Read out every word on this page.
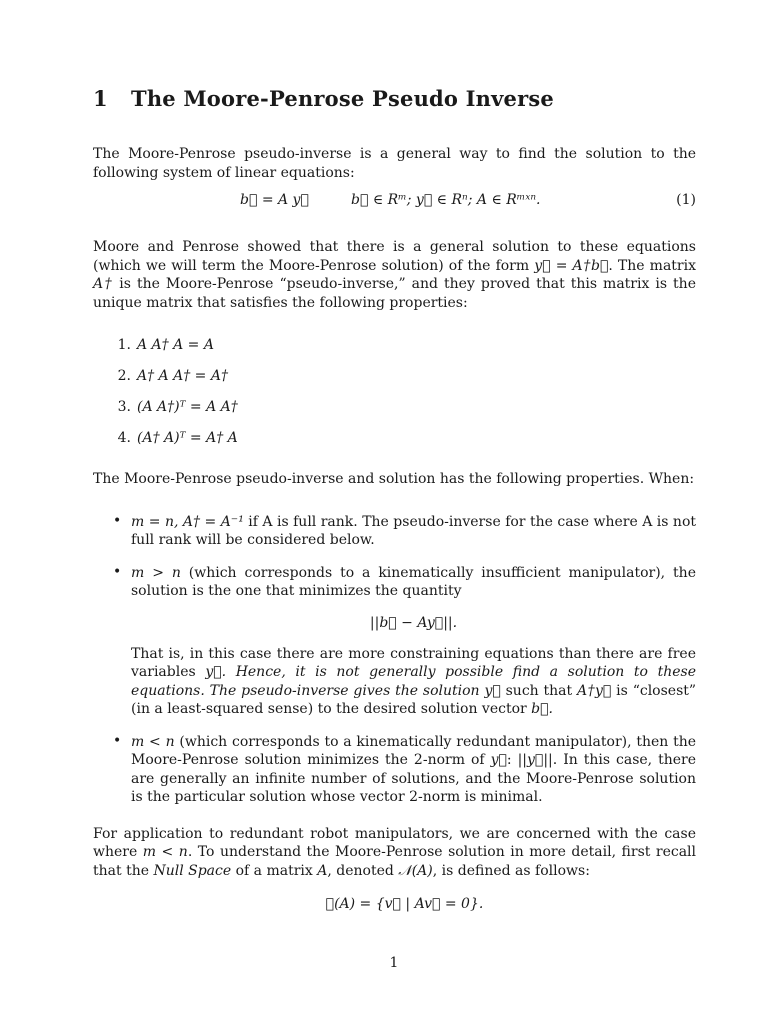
1 The Moore-Penrose Pseudo Inverse

The Moore-Penrose pseudo-inverse is a general way to find the solution to the following system of linear equations:

b⃗ = A y⃗	b⃗ ∈ Rᵐ; y⃗ ∈ Rⁿ; A ∈ Rᵐˣⁿ.	(1)

Moore and Penrose showed that there is a general solution to these equations (which we will term the Moore-Penrose solution) of the form y⃗ = A†b⃗. The matrix A† is the Moore-Penrose “pseudo-inverse,” and they proved that this matrix is the unique matrix that satisfies the following properties:

1. A A† A = A
2. A† A A† = A†
3. (A A†)ᵀ = A A†
4. (A† A)ᵀ = A† A

The Moore-Penrose pseudo-inverse and solution has the following properties. When:

• m = n, A† = A⁻¹ if A is full rank. The pseudo-inverse for the case where A is not full rank will be considered below.

• m > n (which corresponds to a kinematically insufficient manipulator), the solution is the one that minimizes the quantity

||b⃗ − Ay⃗||.

That is, in this case there are more constraining equations than there are free variables y⃗. Hence, it is not generally possible find a solution to these equations. The pseudo-inverse gives the solution y⃗ such that A†y⃗ is “closest” (in a least-squared sense) to the desired solution vector b⃗.

• m < n (which corresponds to a kinematically redundant manipulator), then the Moore-Penrose solution minimizes the 2-norm of y⃗: ||y⃗||. In this case, there are generally an infinite number of solutions, and the Moore-Penrose solution is the particular solution whose vector 2-norm is minimal.

For application to redundant robot manipulators, we are concerned with the case where m < n. To understand the Moore-Penrose solution in more detail, first recall that the Null Space of a matrix A, denoted 𝒩(A), is defined as follows:

𝒩(A) = {v⃗ | Av⃗ = 0}.
1
